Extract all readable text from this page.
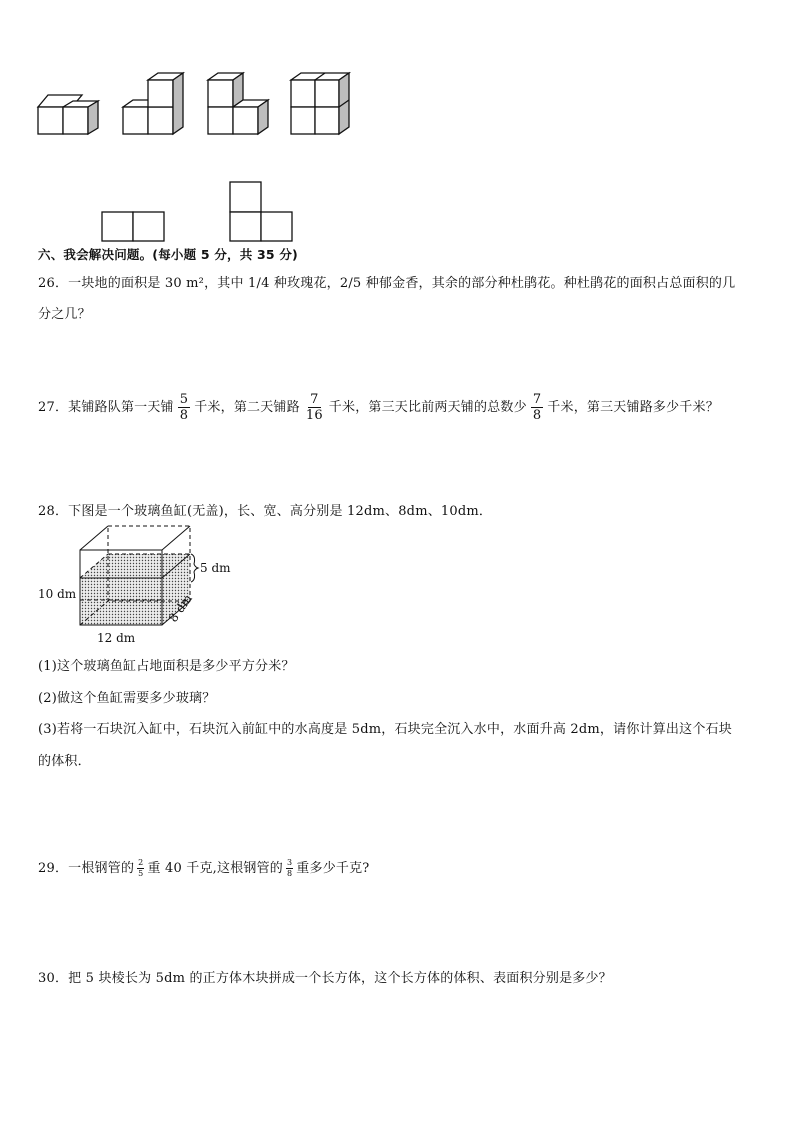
六、我会解决问题。(每小题 5 分，共 35 分)
26．一块地的面积是 30 m²，其中 1/4 种玫瑰花，2/5 种郁金香，其余的部分种杜鹃花。种杜鹃花的面积占总面积的几
分之几？
27．某铺路队第一天铺 $\frac{5}{8}$ 千米，第二天铺路 $\frac{7}{16}$ 千米，第三天比前两天铺的总数少 $\frac{7}{8}$ 千米，第三天铺路多少千米？
28．下图是一个玻璃鱼缸(无盖)，长、宽、高分别是 12dm、8dm、10dm．
10 dm
12 dm
5 dm
8 dm
(1)这个玻璃鱼缸占地面积是多少平方分米？
(2)做这个鱼缸需要多少玻璃？
(3)若将一石块沉入缸中，石块沉入前缸中的水高度是 5dm，石块完全沉入水中，水面升高 2dm，请你计算出这个石块
的体积．
29．一根钢管的 $\frac{2}{5}$ 重 40 千克,这根钢管的 $\frac{3}{8}$ 重多少千克?
30．把 5 块棱长为 5dm 的正方体木块拼成一个长方体，这个长方体的体积、表面积分别是多少？
